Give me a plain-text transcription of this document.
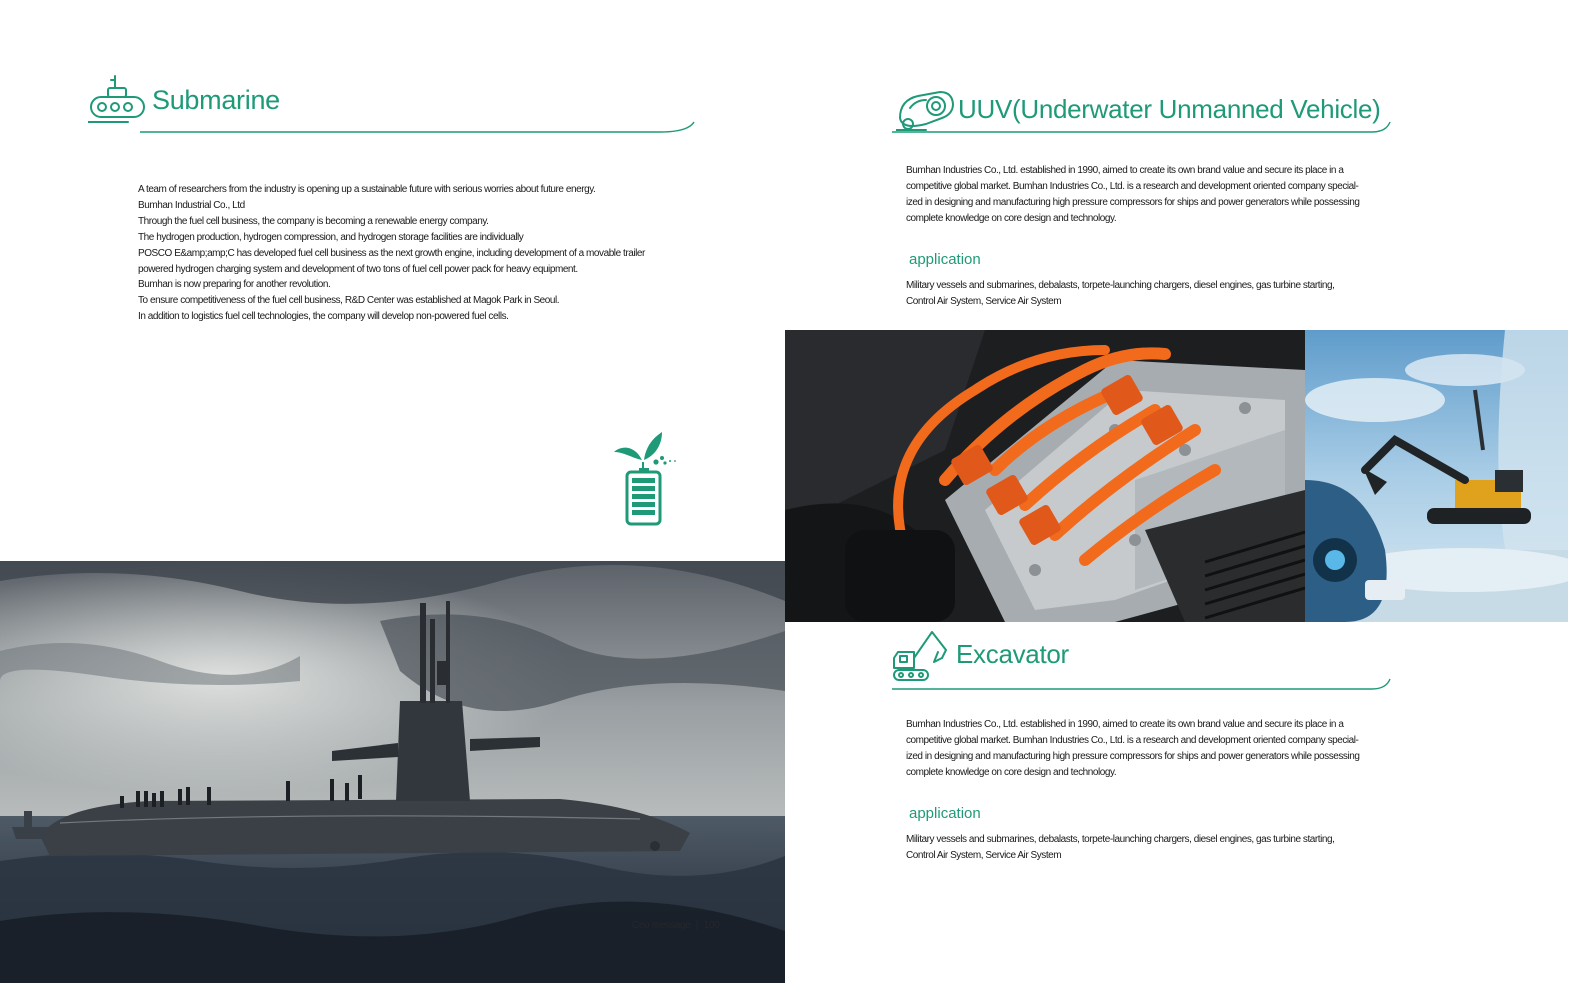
Submarine
A team of researchers from the industry is opening up a sustainable future with serious worries about future energy.
Bumhan Industrial Co., Ltd
Through the fuel cell business, the company is becoming a renewable energy company.
The hydrogen production, hydrogen compression, and hydrogen storage facilities are individually
POSCO E&amp;amp;C has developed fuel cell business as the next growth engine, including development of a movable trailer
powered hydrogen charging system and development of two tons of fuel cell power pack for heavy equipment.
Bumhan is now preparing for another revolution.
To ensure competitiveness of the fuel cell business, R&D Center was established at Magok Park in Seoul.
In addition to logistics fuel cell technologies, the company will develop non-powered fuel cells.
Ceo message | 100
UUV(Underwater Unmanned Vehicle)
Bumhan Industries Co., Ltd. established in 1990, aimed to create its own brand value and secure its place in a
competitive global market. Bumhan Industries Co., Ltd. is a research and development oriented company special-
ized in designing and manufacturing high pressure compressors for ships and power generators while possessing
complete knowledge on core design and technology.
application
Military vessels and submarines, debalasts, torpete-launching chargers, diesel engines, gas turbine starting,
Control Air System, Service Air System
Excavator
Bumhan Industries Co., Ltd. established in 1990, aimed to create its own brand value and secure its place in a
competitive global market. Bumhan Industries Co., Ltd. is a research and development oriented company special-
ized in designing and manufacturing high pressure compressors for ships and power generators while possessing
complete knowledge on core design and technology.
application
Military vessels and submarines, debalasts, torpete-launching chargers, diesel engines, gas turbine starting,
Control Air System, Service Air System
